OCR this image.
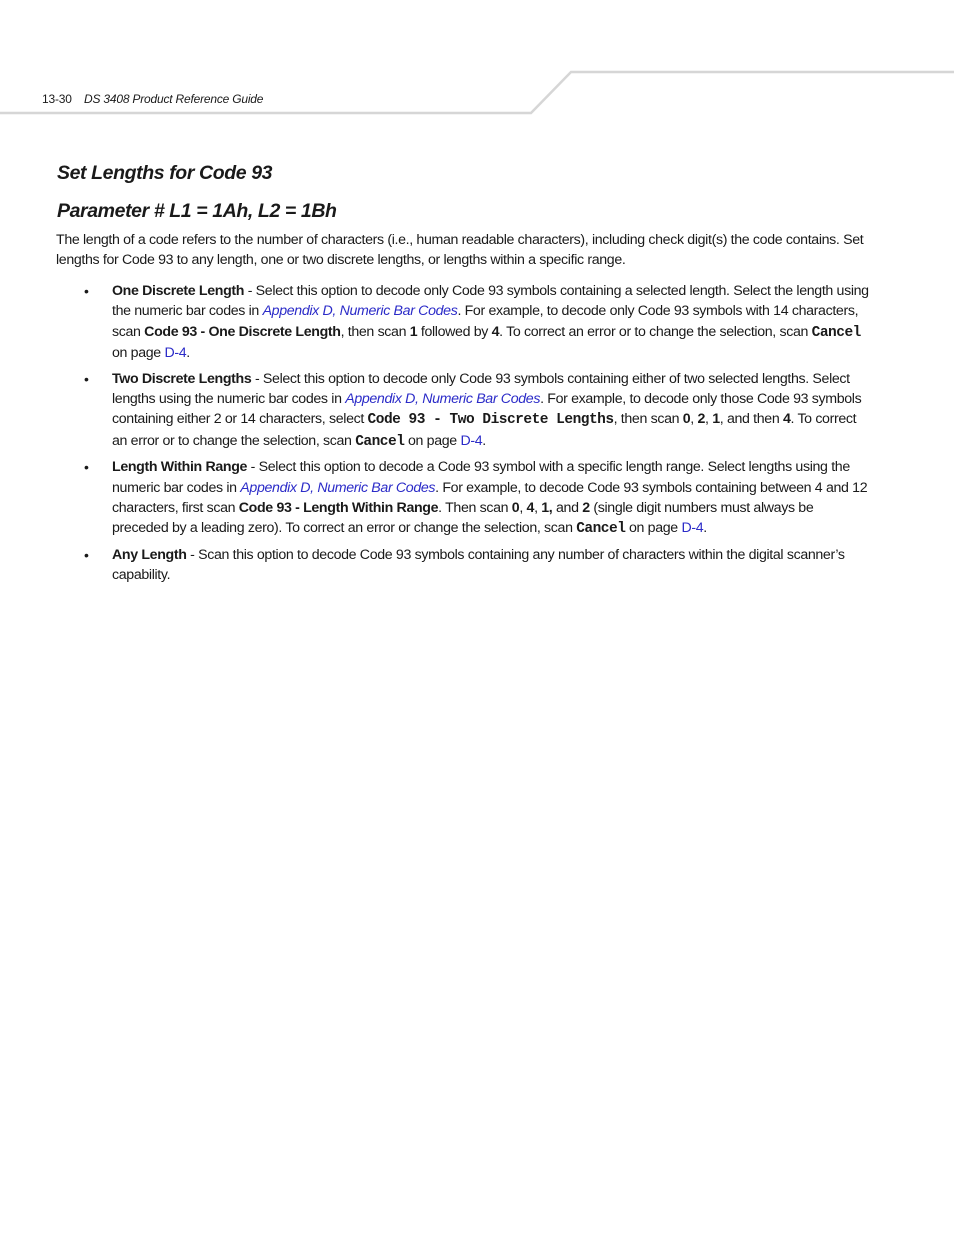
13-30 DS 3408 Product Reference Guide
Set Lengths for Code 93
Parameter # L1 = 1Ah, L2 = 1Bh

The length of a code refers to the number of characters (i.e., human readable characters), including check digit(s) the code contains. Set lengths for Code 93 to any length, one or two discrete lengths, or lengths within a specific range.

• One Discrete Length - Select this option to decode only Code 93 symbols containing a selected length. Select the length using the numeric bar codes in Appendix D, Numeric Bar Codes. For example, to decode only Code 93 symbols with 14 characters, scan Code 93 - One Discrete Length, then scan 1 followed by 4. To correct an error or to change the selection, scan Cancel on page D-4.
• Two Discrete Lengths - Select this option to decode only Code 93 symbols containing either of two selected lengths. Select lengths using the numeric bar codes in Appendix D, Numeric Bar Codes. For example, to decode only those Code 93 symbols containing either 2 or 14 characters, select Code 93 - Two Discrete Lengths, then scan 0, 2, 1, and then 4. To correct an error or to change the selection, scan Cancel on page D-4.
• Length Within Range - Select this option to decode a Code 93 symbol with a specific length range. Select lengths using the numeric bar codes in Appendix D, Numeric Bar Codes. For example, to decode Code 93 symbols containing between 4 and 12 characters, first scan Code 93 - Length Within Range. Then scan 0, 4, 1, and 2 (single digit numbers must always be preceded by a leading zero). To correct an error or change the selection, scan Cancel on page D-4.
• Any Length - Scan this option to decode Code 93 symbols containing any number of characters within the digital scanner’s capability.
